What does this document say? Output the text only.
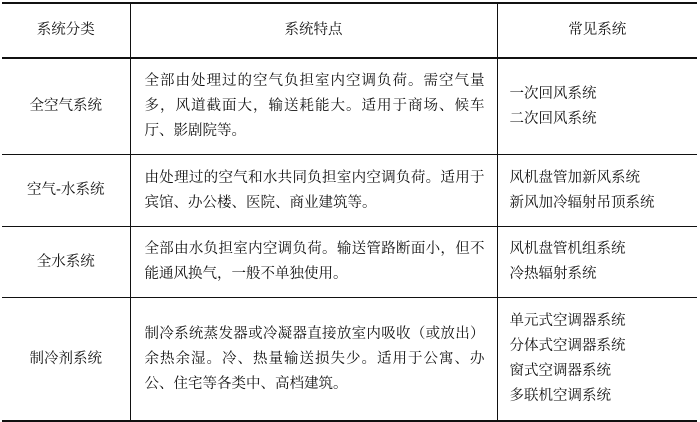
系统分类	系统特点	常见系统
全空气系统	全部由处理过的空气负担室内空调负荷。需空气量多，风道截面大，输送耗能大。适用于商场、候车厅、影剧院等。	一次回风系统
二次回风系统

空气-水系统	由处理过的空气和水共同负担室内空调负荷。适用于宾馆、办公楼、医院、商业建筑等。	风机盘管加新风系统
新风加冷辐射吊顶系统

全水系统	全部由水负担室内空调负荷。输送管路断面小，但不能通风换气，一般不单独使用。	风机盘管机组系统
冷热辐射系统

制冷剂系统	制冷系统蒸发器或冷凝器直接放室内吸收（或放出）余热余湿。冷、热量输送损失少。适用于公寓、办公、住宅等各类中、高档建筑。	单元式空调器系统
分体式空调器系统
窗式空调器系统
多联机空调系统
